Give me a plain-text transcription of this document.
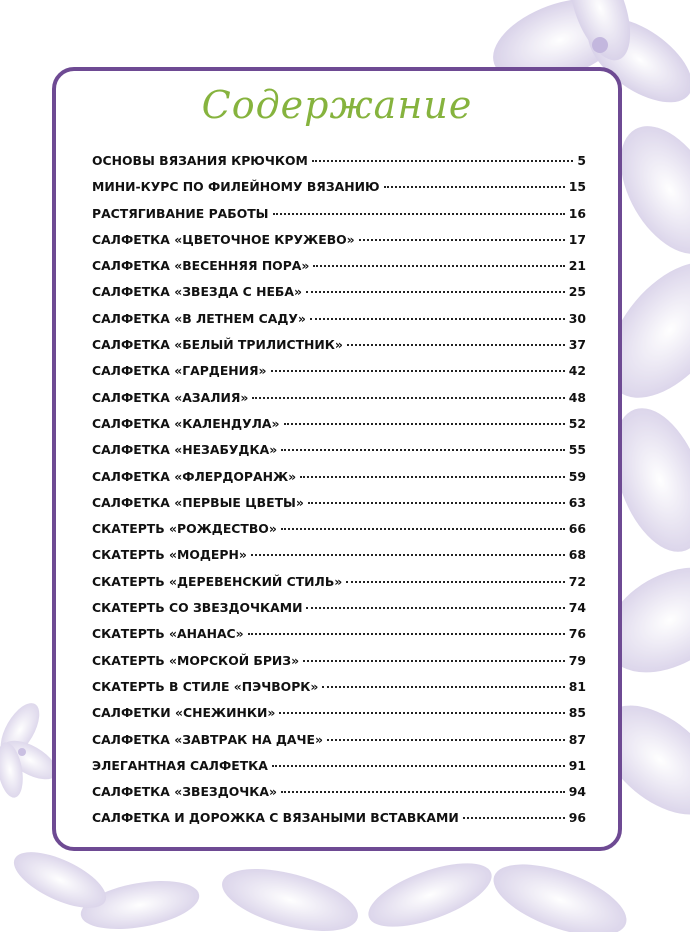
Содержание
ОСНОВЫ ВЯЗАНИЯ КРЮЧКОМ	5
МИНИ-КУРС ПО ФИЛЕЙНОМУ ВЯЗАНИЮ	15
РАСТЯГИВАНИЕ РАБОТЫ	16
САЛФЕТКА «ЦВЕТОЧНОЕ КРУЖЕВО»	17
САЛФЕТКА «ВЕСЕННЯЯ ПОРА»	21
САЛФЕТКА «ЗВЕЗДА С НЕБА»	25
САЛФЕТКА «В ЛЕТНЕМ САДУ»	30
САЛФЕТКА «БЕЛЫЙ ТРИЛИСТНИК»	37
САЛФЕТКА «ГАРДЕНИЯ»	42
САЛФЕТКА «АЗАЛИЯ»	48
САЛФЕТКА «КАЛЕНДУЛА»	52
САЛФЕТКА «НЕЗАБУДКА»	55
САЛФЕТКА «ФЛЕРДОРАНЖ»	59
САЛФЕТКА «ПЕРВЫЕ ЦВЕТЫ»	63
СКАТЕРТЬ «РОЖДЕСТВО»	66
СКАТЕРТЬ «МОДЕРН»	68
СКАТЕРТЬ «ДЕРЕВЕНСКИЙ СТИЛЬ»	72
СКАТЕРТЬ СО ЗВЕЗДОЧКАМИ	74
СКАТЕРТЬ «АНАНАС»	76
СКАТЕРТЬ «МОРСКОЙ БРИЗ»	79
СКАТЕРТЬ В СТИЛЕ «ПЭЧВОРК»	81
САЛФЕТКИ «СНЕЖИНКИ»	85
САЛФЕТКА «ЗАВТРАК НА ДАЧЕ»	87
ЭЛЕГАНТНАЯ САЛФЕТКА	91
САЛФЕТКА «ЗВЕЗДОЧКА»	94
САЛФЕТКА И ДОРОЖКА С ВЯЗАНЫМИ ВСТАВКАМИ	96
